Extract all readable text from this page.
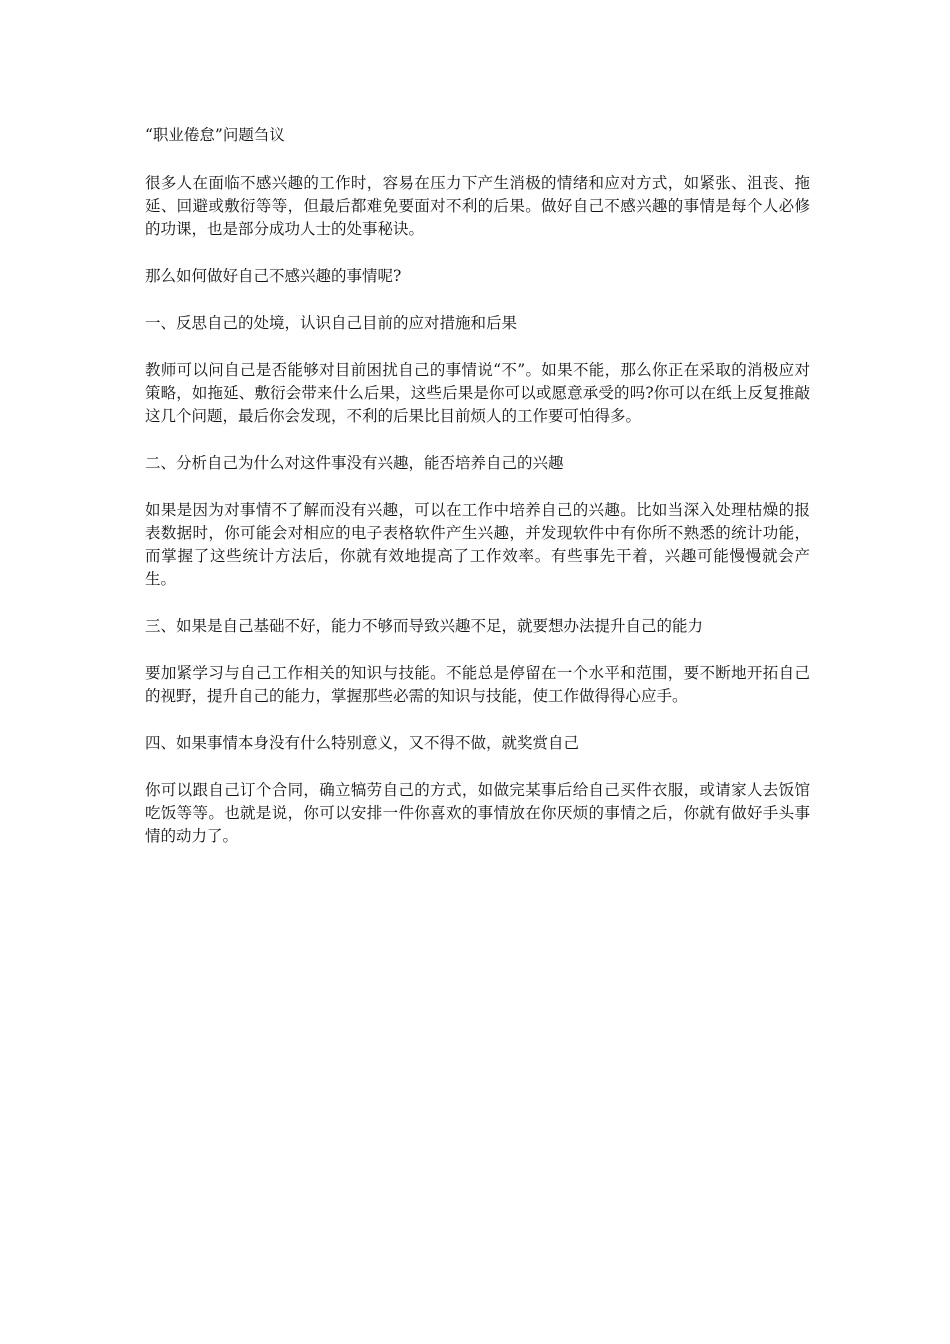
“职业倦怠”问题刍议

很多人在面临不感兴趣的工作时，容易在压力下产生消极的情绪和应对方式，如紧张、沮丧、拖延、回避或敷衍等等，但最后都难免要面对不利的后果。做好自己不感兴趣的事情是每个人必修的功课，也是部分成功人士的处事秘诀。

那么如何做好自己不感兴趣的事情呢?

一、反思自己的处境，认识自己目前的应对措施和后果

教师可以问自己是否能够对目前困扰自己的事情说“不”。如果不能，那么你正在采取的消极应对策略，如拖延、敷衍会带来什么后果，这些后果是你可以或愿意承受的吗?你可以在纸上反复推敲这几个问题，最后你会发现，不利的后果比目前烦人的工作要可怕得多。

二、分析自己为什么对这件事没有兴趣，能否培养自己的兴趣

如果是因为对事情不了解而没有兴趣，可以在工作中培养自己的兴趣。比如当深入处理枯燥的报表数据时，你可能会对相应的电子表格软件产生兴趣，并发现软件中有你所不熟悉的统计功能，而掌握了这些统计方法后，你就有效地提高了工作效率。有些事先干着，兴趣可能慢慢就会产生。

三、如果是自己基础不好，能力不够而导致兴趣不足，就要想办法提升自己的能力

要加紧学习与自己工作相关的知识与技能。不能总是停留在一个水平和范围，要不断地开拓自己的视野，提升自己的能力，掌握那些必需的知识与技能，使工作做得得心应手。

四、如果事情本身没有什么特别意义，又不得不做，就奖赏自己

你可以跟自己订个合同，确立犒劳自己的方式，如做完某事后给自己买件衣服，或请家人去饭馆吃饭等等。也就是说，你可以安排一件你喜欢的事情放在你厌烦的事情之后，你就有做好手头事情的动力了。
